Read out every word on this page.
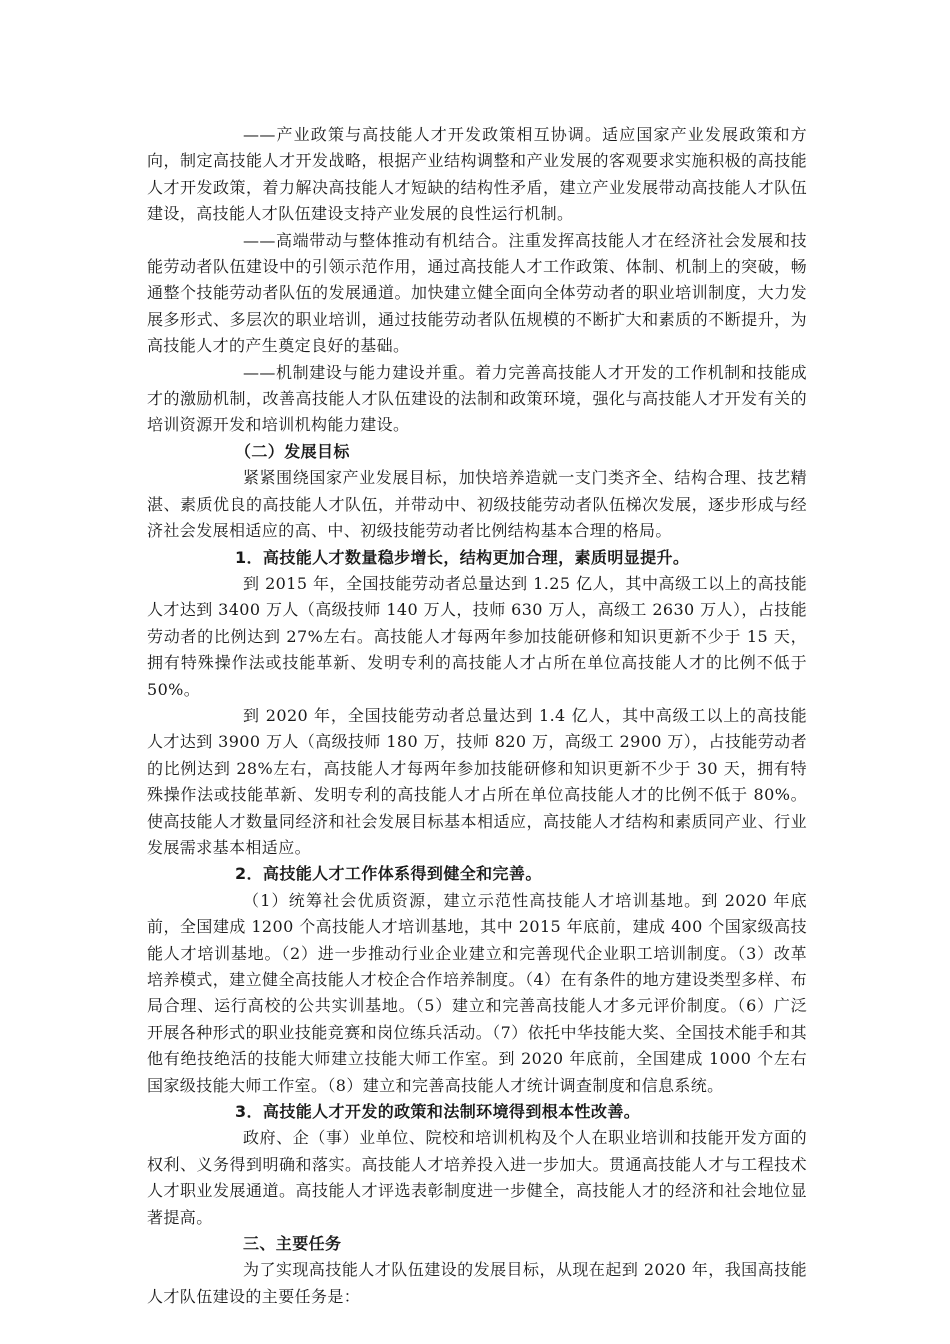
——产业政策与高技能人才开发政策相互协调。适应国家产业发展政策和方向，制定高技能人才开发战略，根据产业结构调整和产业发展的客观要求实施积极的高技能人才开发政策，着力解决高技能人才短缺的结构性矛盾，建立产业发展带动高技能人才队伍建设，高技能人才队伍建设支持产业发展的良性运行机制。

——高端带动与整体推动有机结合。注重发挥高技能人才在经济社会发展和技能劳动者队伍建设中的引领示范作用，通过高技能人才工作政策、体制、机制上的突破，畅通整个技能劳动者队伍的发展通道。加快建立健全面向全体劳动者的职业培训制度，大力发展多形式、多层次的职业培训，通过技能劳动者队伍规模的不断扩大和素质的不断提升，为高技能人才的产生奠定良好的基础。

——机制建设与能力建设并重。着力完善高技能人才开发的工作机制和技能成才的激励机制，改善高技能人才队伍建设的法制和政策环境，强化与高技能人才开发有关的培训资源开发和培训机构能力建设。

（二）发展目标

紧紧围绕国家产业发展目标，加快培养造就一支门类齐全、结构合理、技艺精湛、素质优良的高技能人才队伍，并带动中、初级技能劳动者队伍梯次发展，逐步形成与经济社会发展相适应的高、中、初级技能劳动者比例结构基本合理的格局。

1．高技能人才数量稳步增长，结构更加合理，素质明显提升。

到 2015 年，全国技能劳动者总量达到 1.25 亿人，其中高级工以上的高技能人才达到 3400 万人（高级技师 140 万人，技师 630 万人，高级工 2630 万人），占技能劳动者的比例达到 27%左右。高技能人才每两年参加技能研修和知识更新不少于 15 天，拥有特殊操作法或技能革新、发明专利的高技能人才占所在单位高技能人才的比例不低于 50%。

到 2020 年，全国技能劳动者总量达到 1.4 亿人，其中高级工以上的高技能人才达到 3900 万人（高级技师 180 万，技师 820 万，高级工 2900 万），占技能劳动者的比例达到 28%左右，高技能人才每两年参加技能研修和知识更新不少于 30 天，拥有特殊操作法或技能革新、发明专利的高技能人才占所在单位高技能人才的比例不低于 80%。使高技能人才数量同经济和社会发展目标基本相适应，高技能人才结构和素质同产业、行业发展需求基本相适应。

2．高技能人才工作体系得到健全和完善。

（1）统筹社会优质资源，建立示范性高技能人才培训基地。到 2020 年底前，全国建成 1200 个高技能人才培训基地，其中 2015 年底前，建成 400 个国家级高技能人才培训基地。（2）进一步推动行业企业建立和完善现代企业职工培训制度。（3）改革培养模式，建立健全高技能人才校企合作培养制度。（4）在有条件的地方建设类型多样、布局合理、运行高校的公共实训基地。（5）建立和完善高技能人才多元评价制度。（6）广泛开展各种形式的职业技能竞赛和岗位练兵活动。（7）依托中华技能大奖、全国技术能手和其他有绝技绝活的技能大师建立技能大师工作室。到 2020 年底前，全国建成 1000 个左右国家级技能大师工作室。（8）建立和完善高技能人才统计调查制度和信息系统。

3．高技能人才开发的政策和法制环境得到根本性改善。

政府、企（事）业单位、院校和培训机构及个人在职业培训和技能开发方面的权利、义务得到明确和落实。高技能人才培养投入进一步加大。贯通高技能人才与工程技术人才职业发展通道。高技能人才评选表彰制度进一步健全，高技能人才的经济和社会地位显著提高。

三、主要任务

为了实现高技能人才队伍建设的发展目标，从现在起到 2020 年，我国高技能人才队伍建设的主要任务是：
